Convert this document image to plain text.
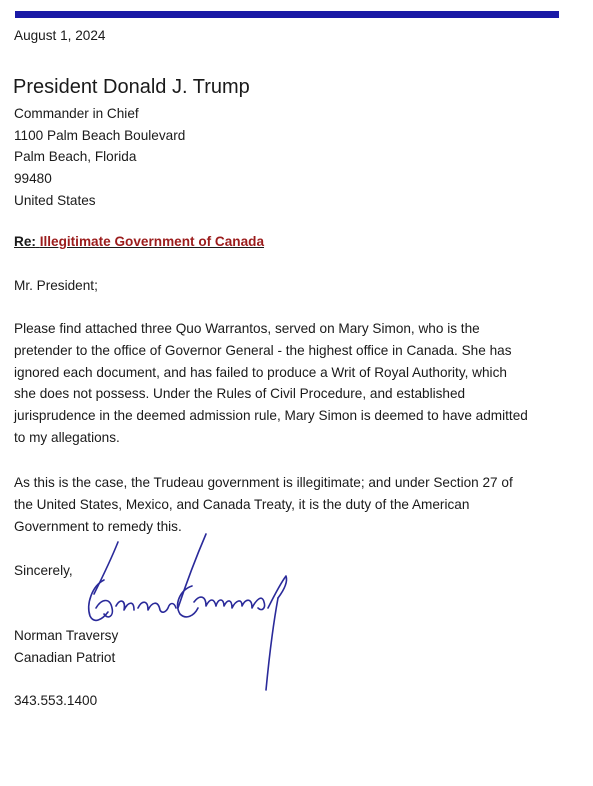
August 1, 2024
President Donald J. Trump
Commander in Chief
1100 Palm Beach Boulevard
Palm Beach, Florida
99480
United States
Re: Illegitimate Government of Canada
Mr. President;
Please find attached three Quo Warrantos, served on Mary Simon, who is the
pretender to the office of Governor General - the highest office in Canada. She has
ignored each document, and has failed to produce a Writ of Royal Authority, which
she does not possess. Under the Rules of Civil Procedure, and established
jurisprudence in the deemed admission rule, Mary Simon is deemed to have admitted
to my allegations.
As this is the case, the Trudeau government is illegitimate; and under Section 27 of
the United States, Mexico, and Canada Treaty, it is the duty of the American
Government to remedy this.
Sincerely,
Norman Traversy
Canadian Patriot
343.553.1400
